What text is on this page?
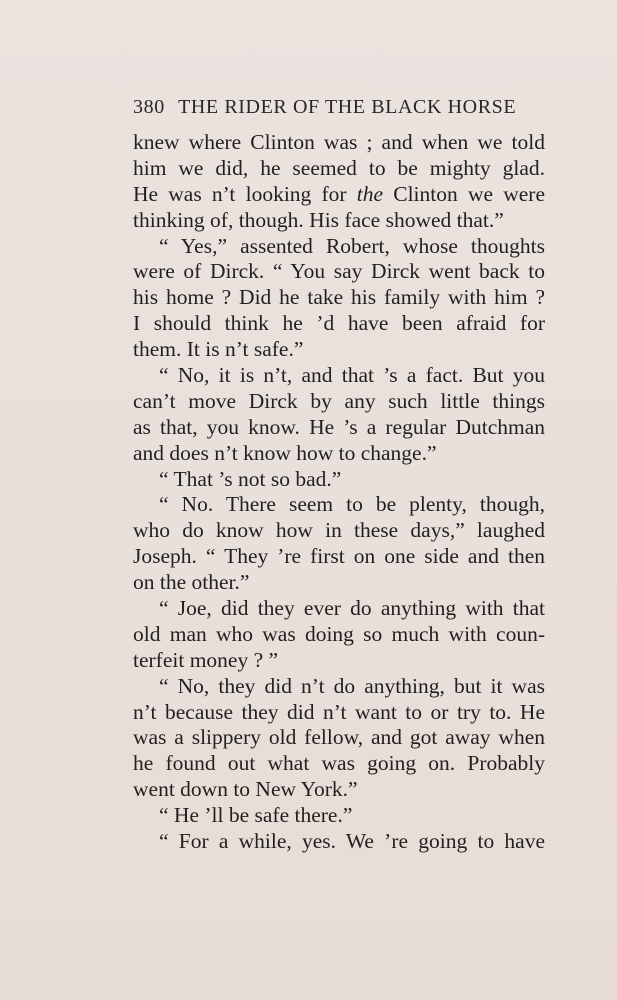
380 THE RIDER OF THE BLACK HORSE
knew where Clinton was ; and when we told
him we did, he seemed to be mighty glad.
He was n’t looking for the Clinton we were
thinking of, though. His face showed that.”
“ Yes,” assented Robert, whose thoughts
were of Dirck. “ You say Dirck went back to
his home ? Did he take his family with him ?
I should think he ’d have been afraid for
them. It is n’t safe.”
“ No, it is n’t, and that ’s a fact. But you
can’t move Dirck by any such little things
as that, you know. He ’s a regular Dutchman
and does n’t know how to change.”
“ That ’s not so bad.”
“ No. There seem to be plenty, though,
who do know how in these days,” laughed
Joseph. “ They ’re first on one side and then
on the other.”
“ Joe, did they ever do anything with that
old man who was doing so much with coun-
terfeit money ? ”
“ No, they did n’t do anything, but it was
n’t because they did n’t want to or try to. He
was a slippery old fellow, and got away when
he found out what was going on. Probably
went down to New York.”
“ He ’ll be safe there.”
“ For a while, yes. We ’re going to have
